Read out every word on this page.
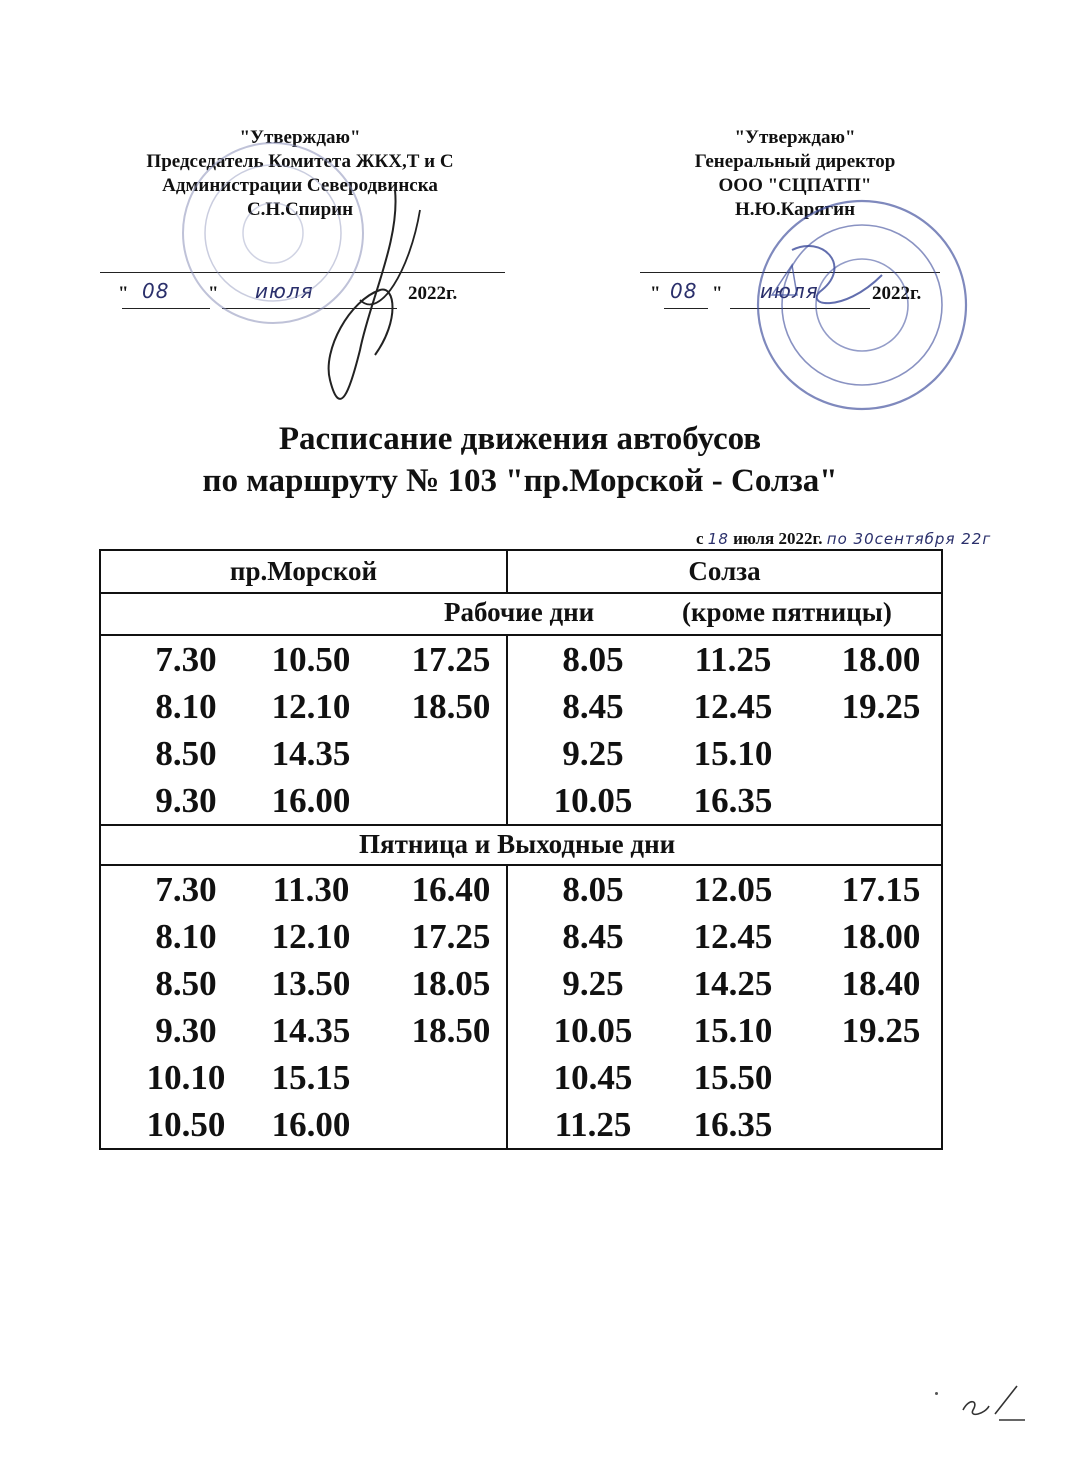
"Утверждаю"
Председатель Комитета ЖКХ,Т и С
Администрации Северодвинска
С.Н.Спирин
" 08 " июля	2022г.
"Утверждаю"
Генеральный директор
ООО "СЦПАТП"
Н.Ю.Карягин
" 08 " июля	2022г.
Расписание движения автобусов
по маршруту № 103 "пр.Морской - Солза"
с 18 июля 2022г. по 30сентября 22г
пр.Морской	Солза

Рабочие дни (кроме пятницы)	

7.30 10.50 17.25	8.05 11.25 18.00

8.10 12.10 18.50	8.45 12.45 19.25

8.50 14.35	9.25 15.10

9.30 16.00	10.05 16.35

Пятница и Выходные дни	

7.30 11.30 16.40	8.05 12.05 17.15

8.10 12.10 17.25	8.45 12.45 18.00

8.50 13.50 18.05	9.25 14.25 18.40

9.30 14.35 18.50	10.05 15.10 19.25

10.10 15.15	10.45 15.50

10.50 16.00	11.25 16.35
